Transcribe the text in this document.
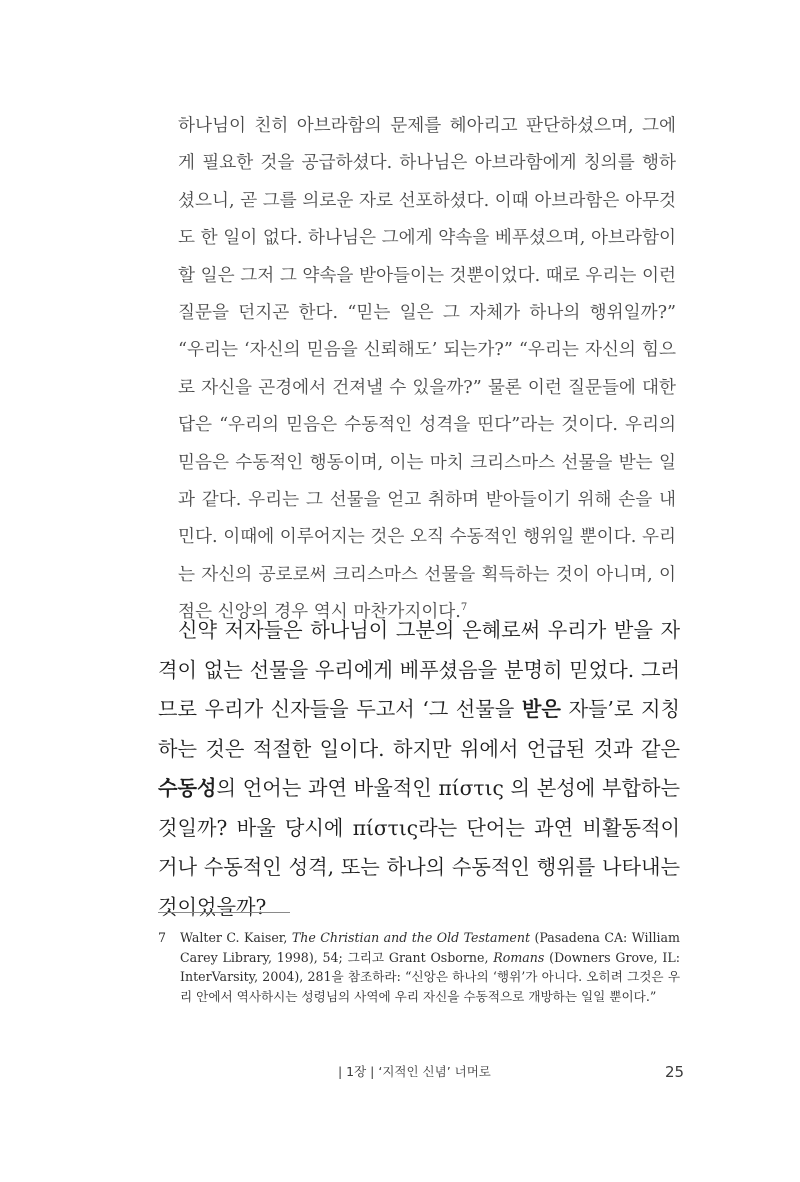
하나님이 친히 아브라함의 문제를 헤아리고 판단하셨으며, 그에게 필요한 것을 공급하셨다. 하나님은 아브라함에게 칭의를 행하셨으니, 곧 그를 의로운 자로 선포하셨다. 이때 아브라함은 아무것도 한 일이 없다. 하나님은 그에게 약속을 베푸셨으며, 아브라함이 할 일은 그저 그 약속을 받아들이는 것뿐이었다. 때로 우리는 이런 질문을 던지곤 한다. “믿는 일은 그 자체가 하나의 행위일까?” “우리는 ‘자신의 믿음을 신뢰해도’ 되는가?” “우리는 자신의 힘으로 자신을 곤경에서 건져낼 수 있을까?” 물론 이런 질문들에 대한 답은 “우리의 믿음은 수동적인 성격을 띤다”라는 것이다. 우리의 믿음은 수동적인 행동이며, 이는 마치 크리스마스 선물을 받는 일과 같다. 우리는 그 선물을 얻고 취하며 받아들이기 위해 손을 내민다. 이때에 이루어지는 것은 오직 수동적인 행위일 뿐이다. 우리는 자신의 공로로써 크리스마스 선물을 획득하는 것이 아니며, 이 점은 신앙의 경우 역시 마찬가지이다.$^7$

신약 저자들은 하나님이 그분의 은혜로써 우리가 받을 자격이 없는 선물을 우리에게 베푸셨음을 분명히 믿었다. 그러므로 우리가 신자들을 두고서 ‘그 선물을 받은 자들’로 지칭하는 것은 적절한 일이다. 하지만 위에서 언급된 것과 같은 수동성의 언어는 과연 바울적인 πίστις 의 본성에 부합하는 것일까? 바울 당시에 πίστις라는 단어는 과연 비활동적이거나 수동적인 성격, 또는 하나의 수동적인 행위를 나타내는 것이었을까?

7	Walter C. Kaiser, The Christian and the Old Testament (Pasadena CA: William Carey Library, 1998), 54; 그리고 Grant Osborne, Romans (Downers Grove, IL: InterVarsity, 2004), 281을 참조하라: “신앙은 하나의 ‘행위’가 아니다. 오히려 그것은 우리 안에서 역사하시는 성령님의 사역에 우리 자신을 수동적으로 개방하는 일일 뿐이다.”
| 1장 | ‘지적인 신념’ 너머로	25
